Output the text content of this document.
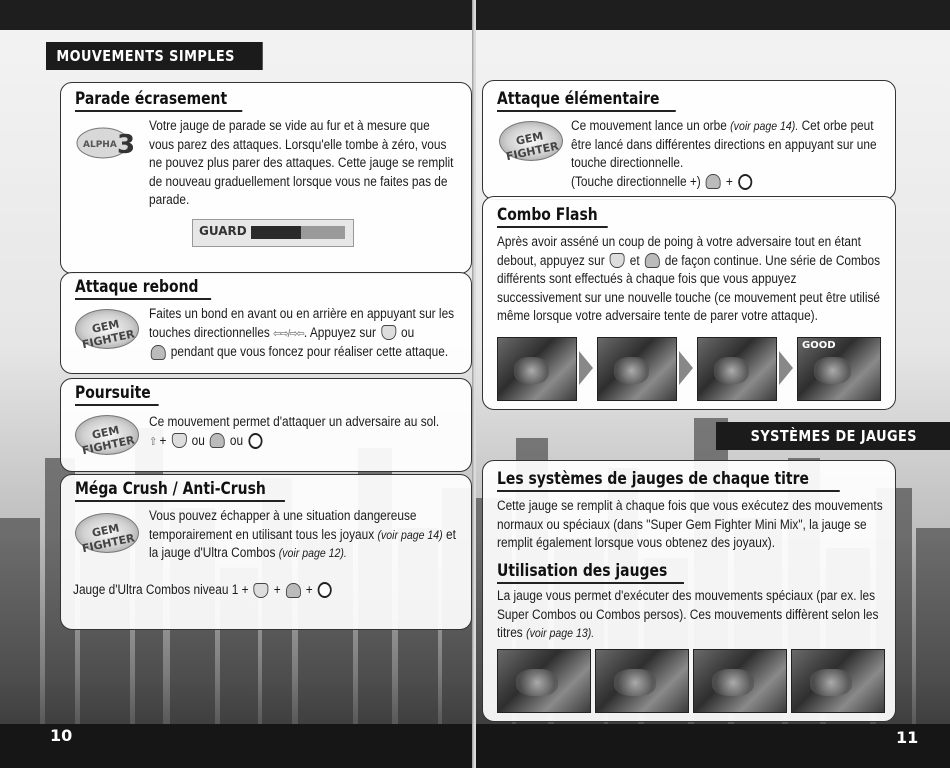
MOUVEMENTS SIMPLES
Parade écrasement
ALPHA 3
Votre jauge de parade se vide au fur et à mesure que vous parez des attaques. Lorsqu'elle tombe à zéro, vous ne pouvez plus parer des attaques. Cette jauge se remplit de nouveau graduellement lorsque vous ne faites pas de parade.
GUARD
Attaque rebond
GEM FIGHTER
Faites un bond en avant ou en arrière en appuyant sur les touches directionnelles ⇦⇨/⇨⇦. Appuyez sur ou
pendant que vous foncez pour réaliser cette attaque.
Poursuite
GEM FIGHTER
Ce mouvement permet d'attaquer un adversaire au sol.
⇧ + ou ou
Méga Crush / Anti-Crush
GEM FIGHTER
Vous pouvez échapper à une situation dangereuse temporairement en utilisant tous les joyaux (voir page 14) et la jauge d'Ultra Combos (voir page 12).
Jauge d'Ultra Combos niveau 1 + + +
10
Attaque élémentaire
GEM FIGHTER
Ce mouvement lance un orbe (voir page 14). Cet orbe peut être lancé dans différentes directions en appuyant sur une touche directionnelle.
(Touche directionnelle +) +
Combo Flash
Après avoir asséné un coup de poing à votre adversaire tout en étant debout, appuyez sur et de façon continue. Une série de Combos différents sont effectués à chaque fois que vous appuyez successivement sur une nouvelle touche (ce mouvement peut être utilisé même lorsque votre adversaire tente de parer votre attaque).
GOOD
SYSTÈMES DE JAUGES
Les systèmes de jauges de chaque titre
Cette jauge se remplit à chaque fois que vous exécutez des mouvements normaux ou spéciaux (dans "Super Gem Fighter Mini Mix", la jauge se remplit également lorsque vous obtenez des joyaux).
Utilisation des jauges
La jauge vous permet d'exécuter des mouvements spéciaux (par ex. les Super Combos ou Combos persos). Ces mouvements diffèrent selon les titres (voir page 13).
11
